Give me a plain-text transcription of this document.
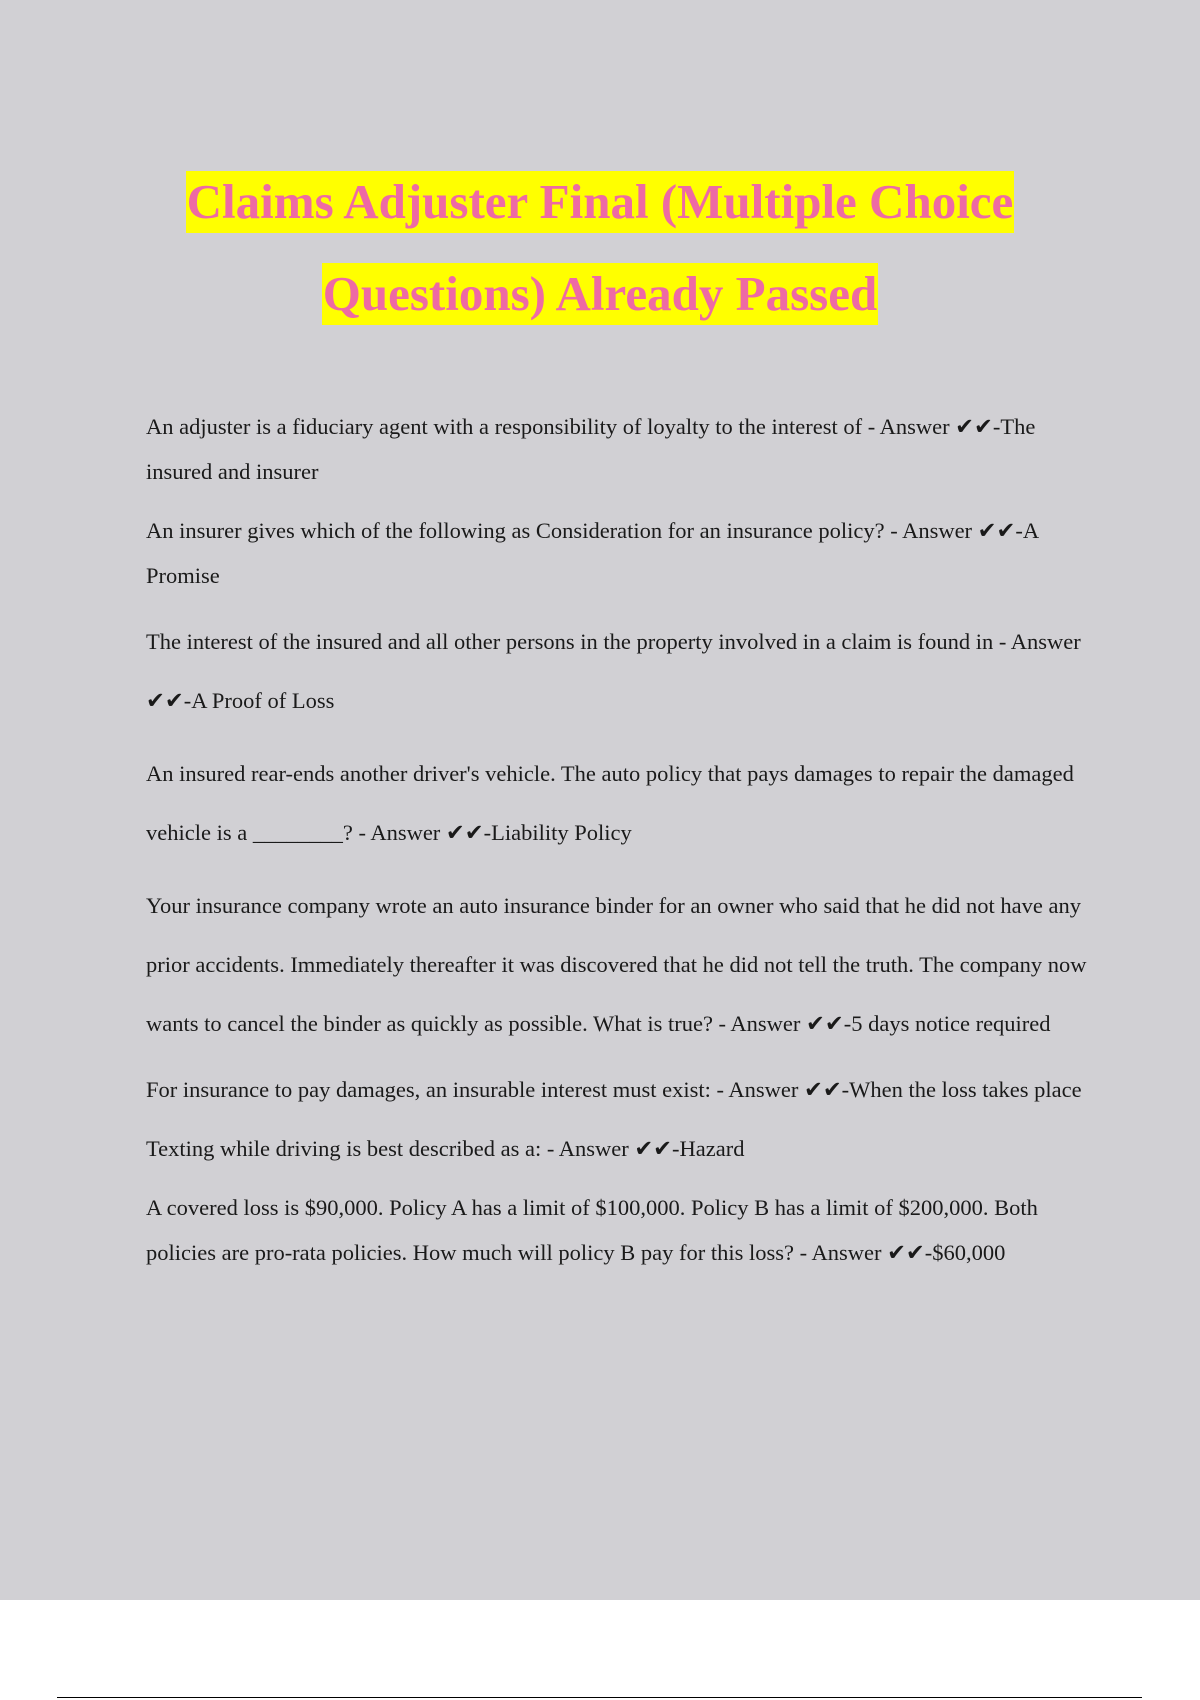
Claims Adjuster Final (Multiple Choice
Questions) Already Passed

An adjuster is a fiduciary agent with a responsibility of loyalty to the interest of - Answer ✔✔-The insured and insurer

An insurer gives which of the following as Consideration for an insurance policy? - Answer ✔✔-A Promise

The interest of the insured and all other persons in the property involved in a claim is found in - Answer ✔✔-A Proof of Loss

An insured rear-ends another driver's vehicle. The auto policy that pays damages to repair the damaged vehicle is a ________? - Answer ✔✔-Liability Policy

Your insurance company wrote an auto insurance binder for an owner who said that he did not have any prior accidents. Immediately thereafter it was discovered that he did not tell the truth. The company now wants to cancel the binder as quickly as possible. What is true? - Answer ✔✔-5 days notice required

For insurance to pay damages, an insurable interest must exist: - Answer ✔✔-When the loss takes place

Texting while driving is best described as a: - Answer ✔✔-Hazard

A covered loss is $90,000. Policy A has a limit of $100,000. Policy B has a limit of $200,000. Both policies are pro-rata policies. How much will policy B pay for this loss? - Answer ✔✔-$60,000
